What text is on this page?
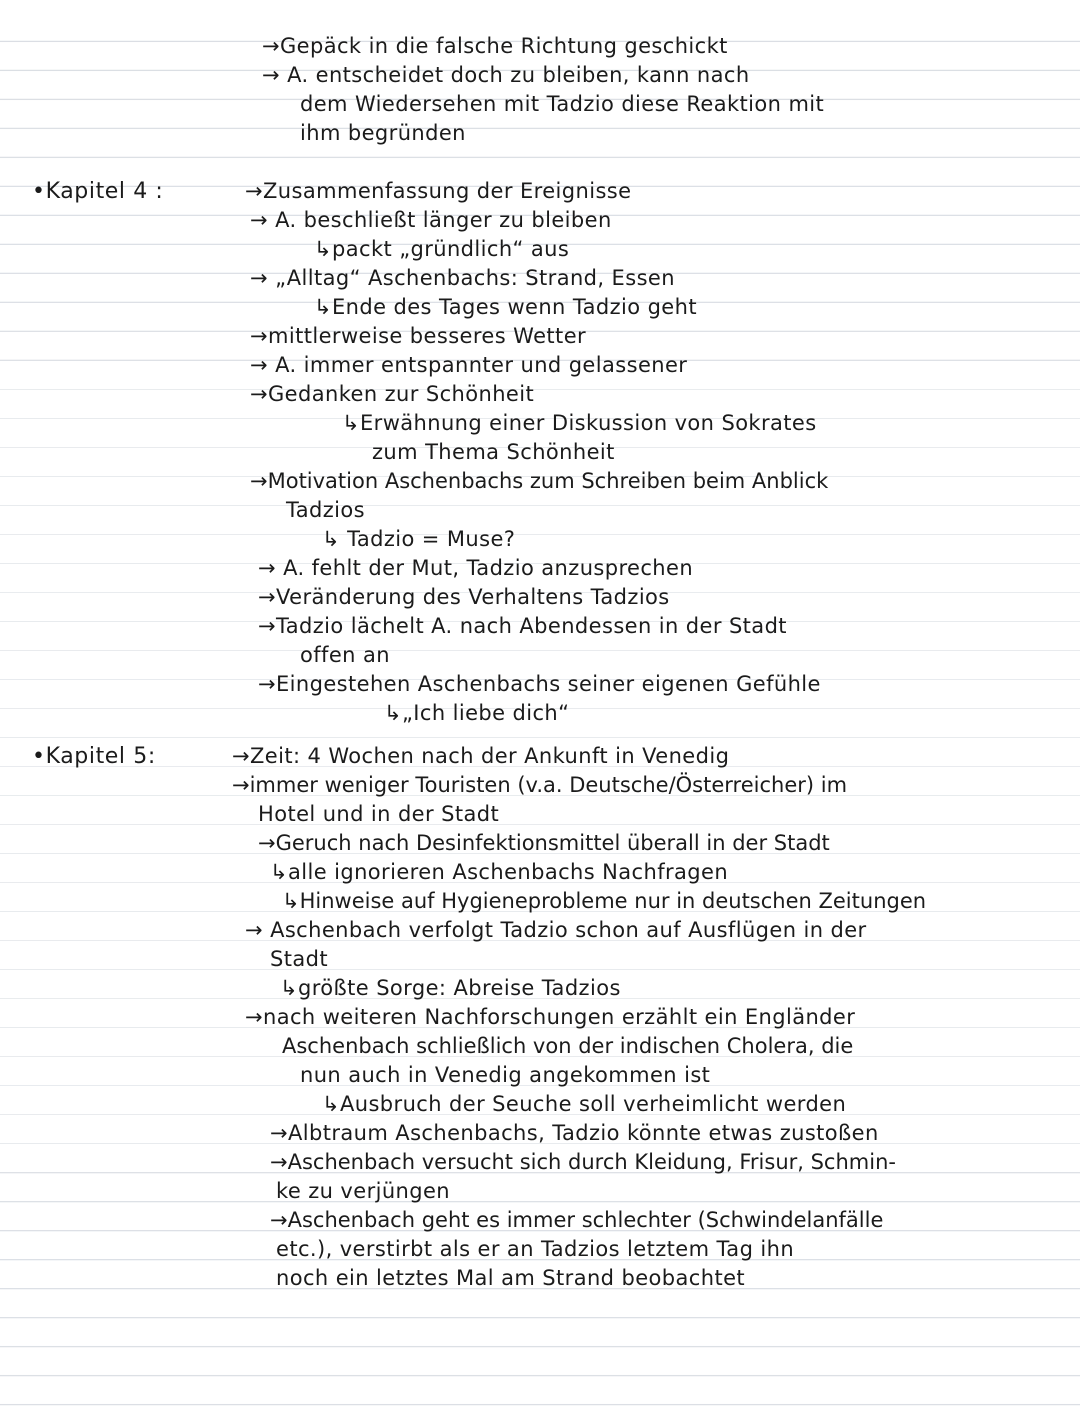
→Gepäck in die falsche Richtung geschickt
→ A. entscheidet doch zu bleiben, kann nach
dem Wiedersehen mit Tadzio diese Reaktion mit
ihm begründen
•Kapitel 4 :	→Zusammenfassung der Ereignisse
→ A. beschließt länger zu bleiben
↳packt „gründlich“ aus
→ „Alltag“ Aschenbachs: Strand, Essen
↳Ende des Tages wenn Tadzio geht
→mittlerweise besseres Wetter
→ A. immer entspannter und gelassener
→Gedanken zur Schönheit
↳Erwähnung einer Diskussion von Sokrates
zum Thema Schönheit
→Motivation Aschenbachs zum Schreiben beim Anblick
Tadzios
↳ Tadzio = Muse?
→ A. fehlt der Mut, Tadzio anzusprechen
→Veränderung des Verhaltens Tadzios
→Tadzio lächelt A. nach Abendessen in der Stadt
offen an
→Eingestehen Aschenbachs seiner eigenen Gefühle
↳„Ich liebe dich“
•Kapitel 5:	→Zeit: 4 Wochen nach der Ankunft in Venedig
→immer weniger Touristen (v.a. Deutsche/Österreicher) im
Hotel und in der Stadt
→Geruch nach Desinfektionsmittel überall in der Stadt
↳alle ignorieren Aschenbachs Nachfragen
↳Hinweise auf Hygieneprobleme nur in deutschen Zeitungen
→ Aschenbach verfolgt Tadzio schon auf Ausflügen in der
Stadt
↳größte Sorge: Abreise Tadzios
→nach weiteren Nachforschungen erzählt ein Engländer
Aschenbach schließlich von der indischen Cholera, die
nun auch in Venedig angekommen ist
↳Ausbruch der Seuche soll verheimlicht werden
→Albtraum Aschenbachs, Tadzio könnte etwas zustoßen
→Aschenbach versucht sich durch Kleidung, Frisur, Schmin-
ke zu verjüngen
→Aschenbach geht es immer schlechter (Schwindelanfälle
etc.), verstirbt als er an Tadzios letztem Tag ihn
noch ein letztes Mal am Strand beobachtet
